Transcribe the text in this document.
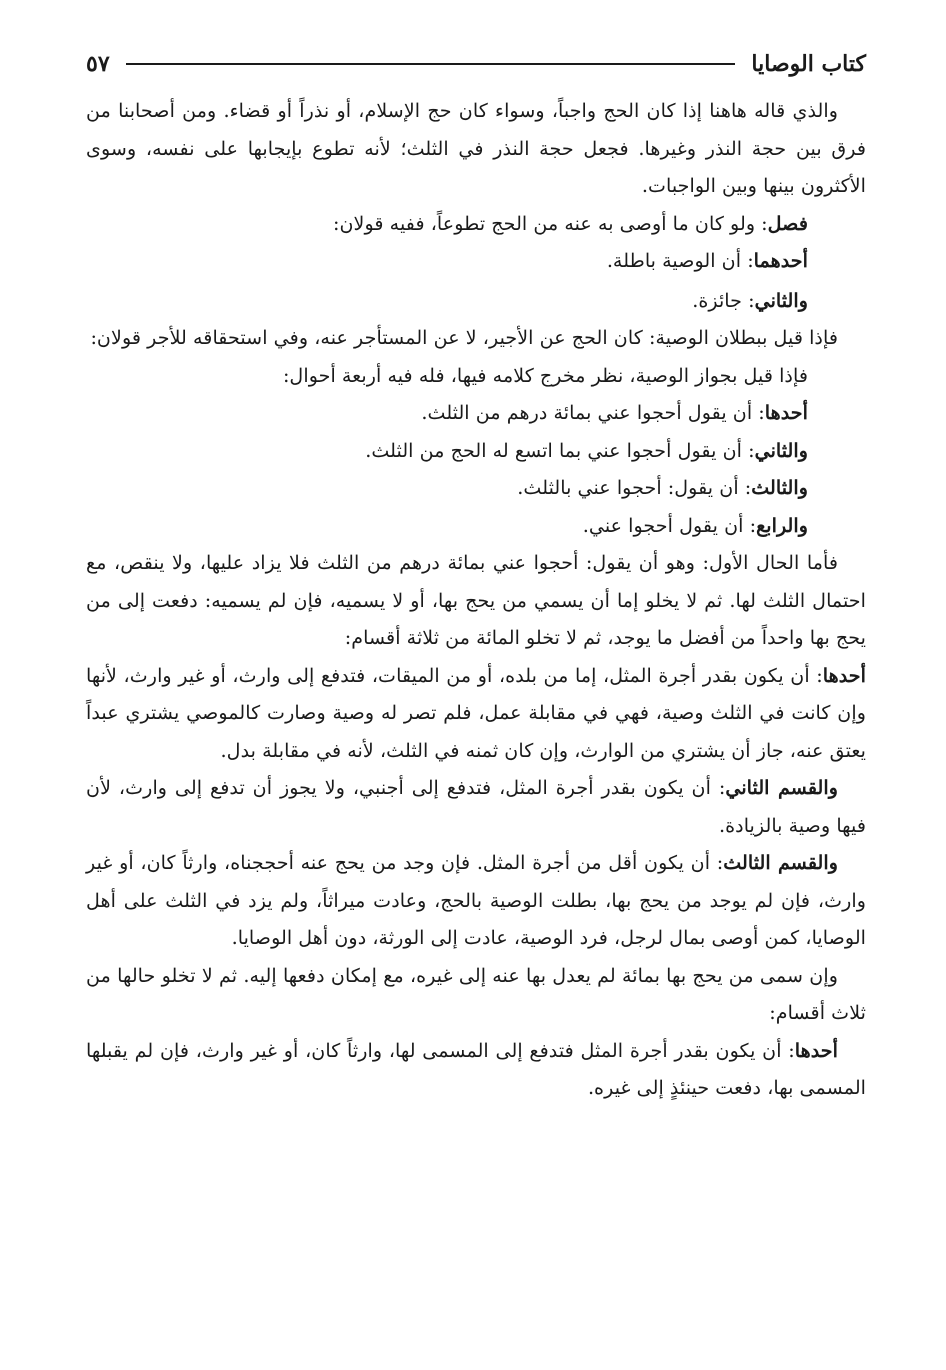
كتاب الوصايا
٥٧

والذي قاله هاهنا إذا كان الحج واجباً، وسواء كان حج الإسلام، أو نذراً أو قضاء. ومن أصحابنا من فرق بين حجة النذر وغيرها. فجعل حجة النذر في الثلث؛ لأنه تطوع بإيجابها على نفسه، وسوى الأكثرون بينها وبين الواجبات.

فصل: ولو كان ما أوصى به عنه من الحج تطوعاً، ففيه قولان:

أحدهما: أن الوصية باطلة.

والثاني: جائزة.

فإذا قيل ببطلان الوصية: كان الحج عن الأجير، لا عن المستأجر عنه، وفي استحقاقه للأجر قولان:

فإذا قيل بجواز الوصية، نظر مخرج كلامه فيها، فله فيه أربعة أحوال:

أحدها: أن يقول أحجوا عني بمائة درهم من الثلث.

والثاني: أن يقول أحجوا عني بما اتسع له الحج من الثلث.

والثالث: أن يقول: أحجوا عني بالثلث.

والرابع: أن يقول أحجوا عني.

فأما الحال الأول: وهو أن يقول: أحجوا عني بمائة درهم من الثلث فلا يزاد عليها، ولا ينقص، مع احتمال الثلث لها. ثم لا يخلو إما أن يسمي من يحج بها، أو لا يسميه، فإن لم يسميه: دفعت إلى من يحج بها واحداً من أفضل ما يوجد، ثم لا تخلو المائة من ثلاثة أقسام:

أحدها: أن يكون بقدر أجرة المثل، إما من بلده، أو من الميقات، فتدفع إلى وارث، أو غير وارث، لأنها وإن كانت في الثلث وصية، فهي في مقابلة عمل، فلم تصر له وصية وصارت كالموصي يشتري عبداً يعتق عنه، جاز أن يشتري من الوارث، وإن كان ثمنه في الثلث، لأنه في مقابلة بدل.

والقسم الثاني: أن يكون بقدر أجرة المثل، فتدفع إلى أجنبي، ولا يجوز أن تدفع إلى وارث، لأن فيها وصية بالزيادة.

والقسم الثالث: أن يكون أقل من أجرة المثل. فإن وجد من يحج عنه أحججناه، وارثاً كان، أو غير وارث، فإن لم يوجد من يحج بها، بطلت الوصية بالحج، وعادت ميراثاً، ولم يزد في الثلث على أهل الوصايا، كمن أوصى بمال لرجل، فرد الوصية، عادت إلى الورثة، دون أهل الوصايا.

وإن سمى من يحج بها بمائة لم يعدل بها عنه إلى غيره، مع إمكان دفعها إليه. ثم لا تخلو حالها من ثلاث أقسام:

أحدها: أن يكون بقدر أجرة المثل فتدفع إلى المسمى لها، وارثاً كان، أو غير وارث، فإن لم يقبلها المسمى بها، دفعت حينئذٍ إلى غيره.
